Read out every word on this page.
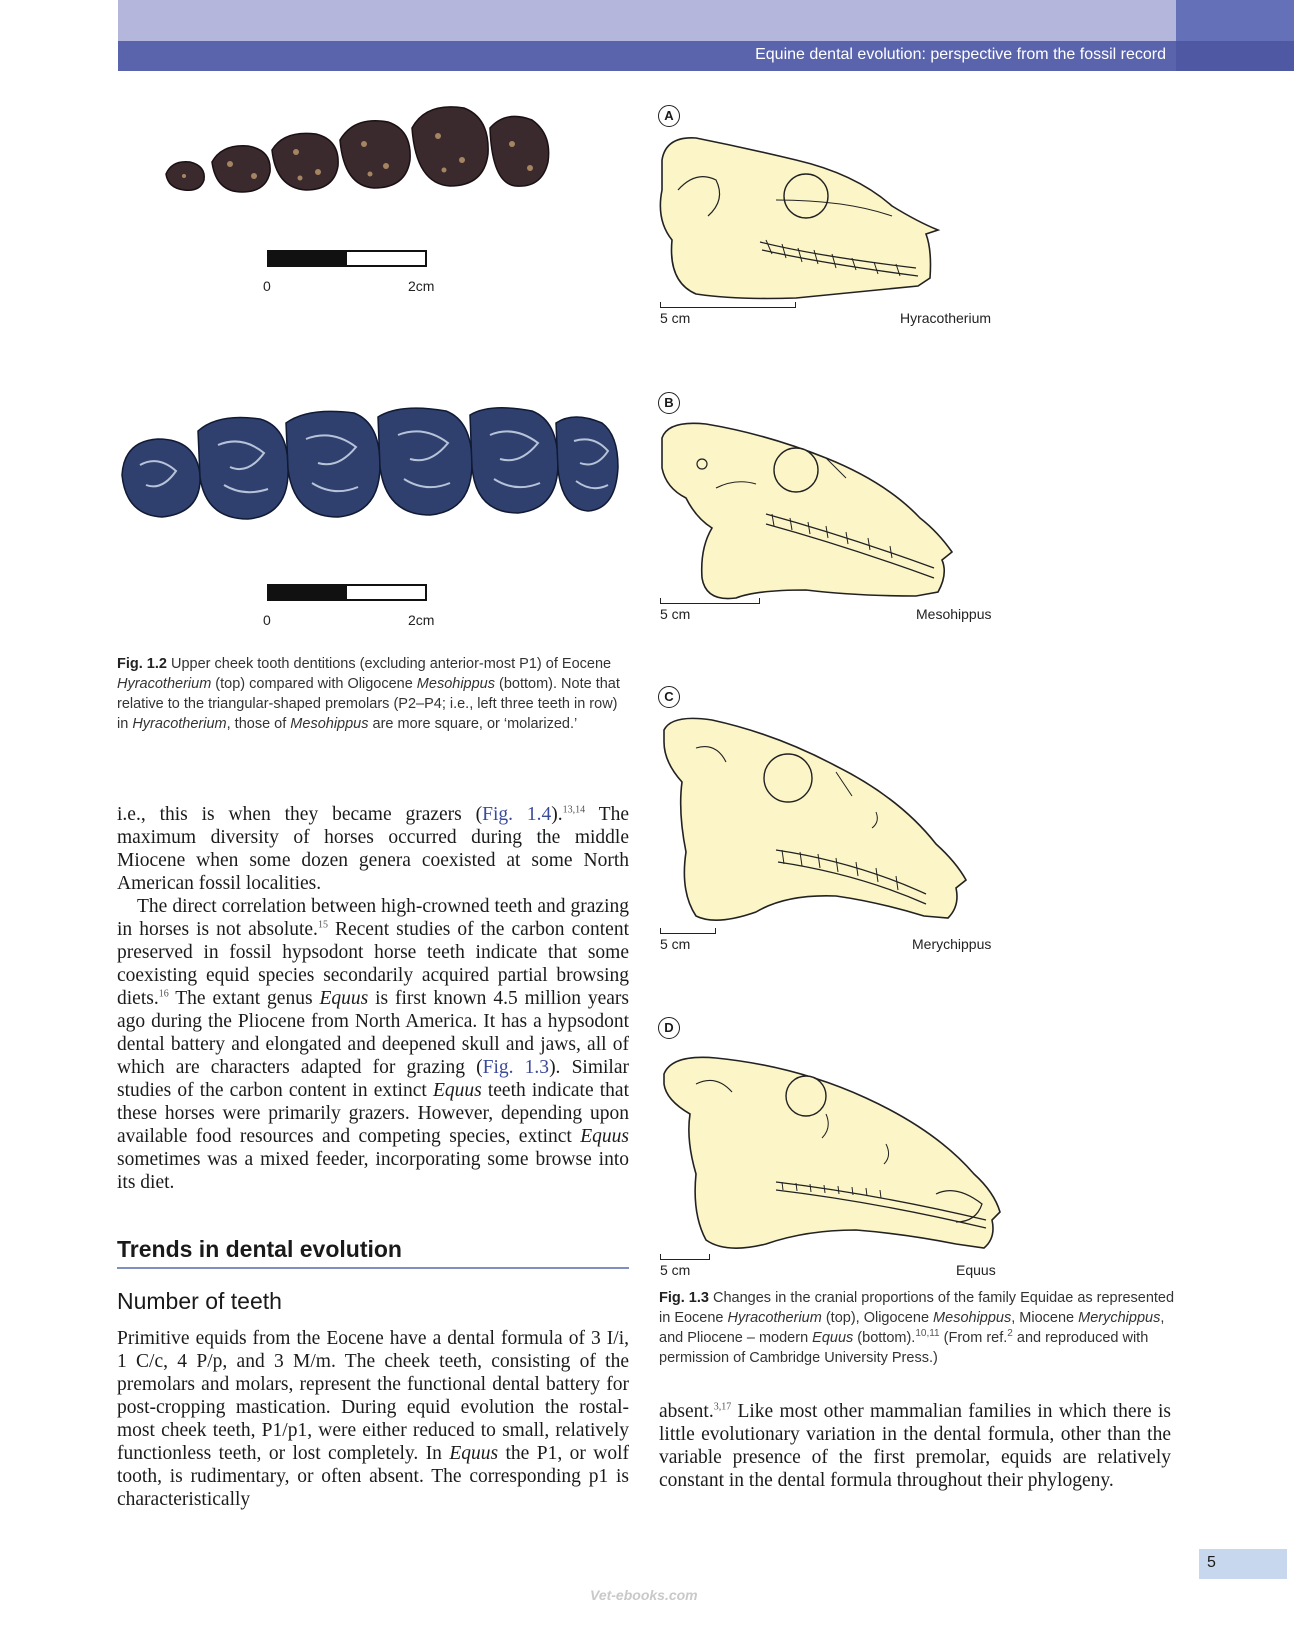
Equine dental evolution: perspective from the fossil record
0	2cm
0	2cm
Fig. 1.2 Upper cheek tooth dentitions (excluding anterior-most P1) of Eocene Hyracotherium (top) compared with Oligocene Mesohippus (bottom). Note that relative to the triangular-shaped premolars (P2–P4; i.e., left three teeth in row) in Hyracotherium, those of Mesohippus are more square, or ‘molarized.’

i.e., this is when they became grazers (Fig. 1.4).$^{13,14}$ The maximum diversity of horses occurred during the middle Miocene when some dozen genera coexisted at some North American fossil localities.

The direct correlation between high-crowned teeth and grazing in horses is not absolute.$^{15}$ Recent studies of the carbon content preserved in fossil hypsodont horse teeth indicate that some coexisting equid species secondarily acquired partial browsing diets.$^{16}$ The extant genus Equus is first known 4.5 million years ago during the Pliocene from North America. It has a hypsodont dental battery and elongated and deepened skull and jaws, all of which are characters adapted for grazing (Fig. 1.3). Similar studies of the carbon content in extinct Equus teeth indicate that these horses were primarily grazers. However, depending upon available food resources and competing species, extinct Equus sometimes was a mixed feeder, incorporating some browse into its diet.

Trends in dental evolution
Number of teeth

Primitive equids from the Eocene have a dental formula of 3 I/i, 1 C/c, 4 P/p, and 3 M/m. The cheek teeth, consisting of the premolars and molars, represent the functional dental battery for post-cropping mastication. During equid evolution the rostal-most cheek teeth, P1/p1, were either reduced to small, relatively functionless teeth, or lost completely. In Equus the P1, or wolf tooth, is rudimentary, or often absent. The corresponding p1 is characteristically

A
5 cm	Hyracotherium
B
5 cm	Mesohippus
C
5 cm	Merychippus
D
5 cm	Equus
Fig. 1.3 Changes in the cranial proportions of the family Equidae as represented in Eocene Hyracotherium (top), Oligocene Mesohippus, Miocene Merychippus, and Pliocene – modern Equus (bottom).$^{10,11}$ (From ref.$^2$ and reproduced with permission of Cambridge University Press.)

absent.$^{3,17}$ Like most other mammalian families in which there is little evolutionary variation in the dental formula, other than the variable presence of the first premolar, equids are relatively constant in the dental formula throughout their phylogeny.

5
Vet-ebooks.com
